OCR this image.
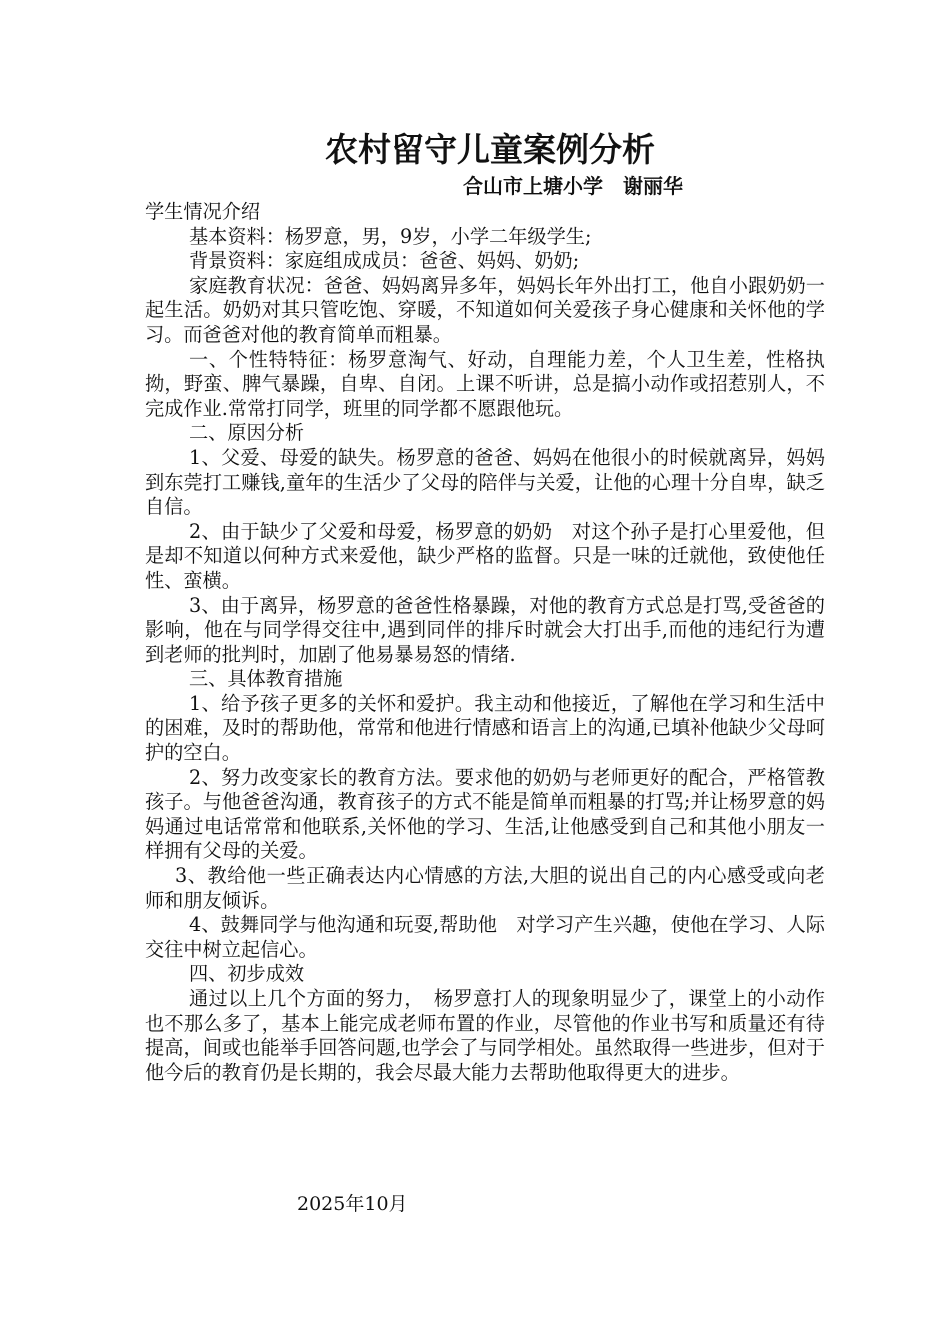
农村留守儿童案例分析

合山市上塘小学　谢丽华

学生情况介绍

基本资料：杨罗意，男，9岁，小学二年级学生;

背景资料：家庭组成成员：爸爸、妈妈、奶奶;

家庭教育状况：爸爸、妈妈离异多年，妈妈长年外出打工，他自小跟奶奶一起生活。奶奶对其只管吃饱、穿暖，不知道如何关爱孩子身心健康和关怀他的学习。而爸爸对他的教育简单而粗暴。

一、个性特特征：杨罗意淘气、好动，自理能力差，个人卫生差，性格执拗，野蛮、脾气暴躁，自卑、自闭。上课不听讲，总是搞小动作或招惹别人，不完成作业.常常打同学，班里的同学都不愿跟他玩。

二、原因分析

1、父爱、母爱的缺失。杨罗意的爸爸、妈妈在他很小的时候就离异，妈妈到东莞打工赚钱,童年的生活少了父母的陪伴与关爱，让他的心理十分自卑，缺乏自信。

2、由于缺少了父爱和母爱，杨罗意的奶奶　对这个孙子是打心里爱他，但是却不知道以何种方式来爱他，缺少严格的监督。只是一味的迁就他，致使他任性、蛮横。

3、由于离异，杨罗意的爸爸性格暴躁，对他的教育方式总是打骂,受爸爸的影响，他在与同学得交往中,遇到同伴的排斥时就会大打出手,而他的违纪行为遭到老师的批判时，加剧了他易暴易怒的情绪.

三、具体教育措施

1、给予孩子更多的关怀和爱护。我主动和他接近，了解他在学习和生活中的困难，及时的帮助他，常常和他进行情感和语言上的沟通,已填补他缺少父母呵护的空白。

2、努力改变家长的教育方法。要求他的奶奶与老师更好的配合，严格管教孩子。与他爸爸沟通，教育孩子的方式不能是简单而粗暴的打骂;并让杨罗意的妈妈通过电话常常和他联系,关怀他的学习、生活,让他感受到自己和其他小朋友一样拥有父母的关爱。

3、教给他一些正确表达内心情感的方法,大胆的说出自己的内心感受或向老师和朋友倾诉。

4、鼓舞同学与他沟通和玩耍,帮助他　对学习产生兴趣，使他在学习、人际交往中树立起信心。

四、初步成效

通过以上几个方面的努力，　杨罗意打人的现象明显少了，课堂上的小动作也不那么多了，基本上能完成老师布置的作业，尽管他的作业书写和质量还有待提高，间或也能举手回答问题,也学会了与同学相处。虽然取得一些进步，但对于他今后的教育仍是长期的，我会尽最大能力去帮助他取得更大的进步。

2025年10月
